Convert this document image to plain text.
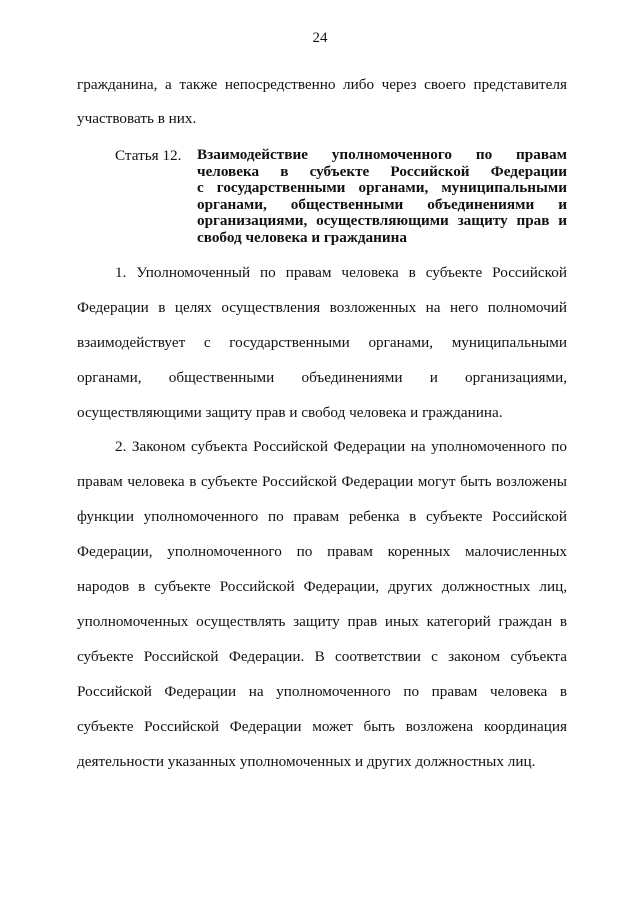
24
гражданина, а также непосредственно либо через своего представителя
участвовать в них.
Статья 12. Взаимодействие уполномоченного по правам
человека в субъекте Российской Федерации
с государственными органами, муниципальными
органами, общественными объединениями и
организациями, осуществляющими защиту прав и
свобод человека и гражданина
1. Уполномоченный по правам человека в субъекте Российской
Федерации в целях осуществления возложенных на него полномочий
взаимодействует с государственными органами, муниципальными
органами, общественными объединениями и организациями,
осуществляющими защиту прав и свобод человека и гражданина.
2. Законом субъекта Российской Федерации на уполномоченного по
правам человека в субъекте Российской Федерации могут быть возложены
функции уполномоченного по правам ребенка в субъекте Российской
Федерации, уполномоченного по правам коренных малочисленных
народов в субъекте Российской Федерации, других должностных лиц,
уполномоченных осуществлять защиту прав иных категорий граждан в
субъекте Российской Федерации. В соответствии с законом субъекта
Российской Федерации на уполномоченного по правам человека в
субъекте Российской Федерации может быть возложена координация
деятельности указанных уполномоченных и других должностных лиц.
